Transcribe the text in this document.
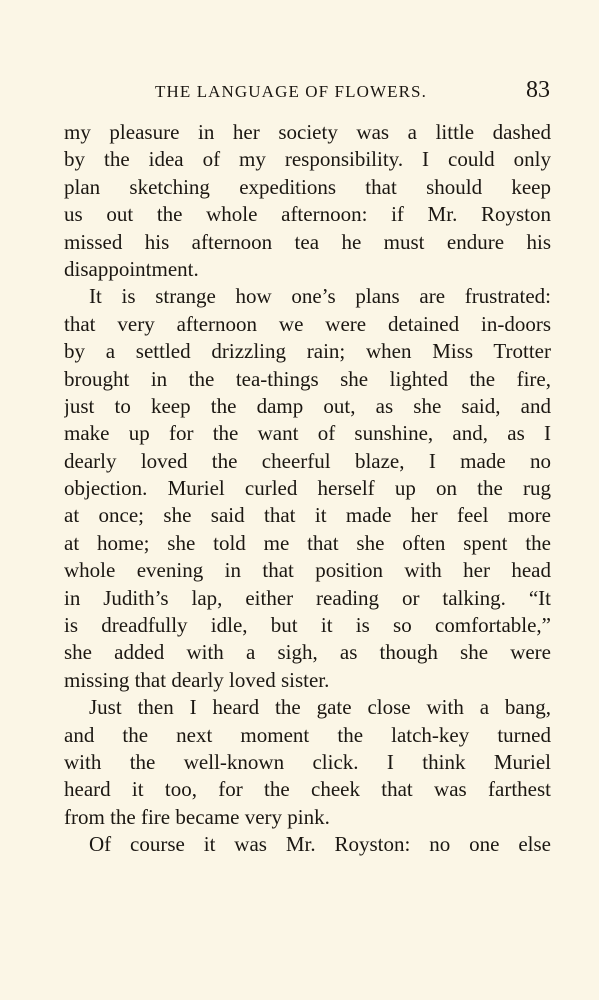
THE LANGUAGE OF FLOWERS.	83
my pleasure in her society was a little dashed
by the idea of my responsibility. I could only
plan sketching expeditions that should keep
us out the whole afternoon: if Mr. Royston
missed his afternoon tea he must endure his
disappointment.
It is strange how one’s plans are frustrated:
that very afternoon we were detained in-doors
by a settled drizzling rain; when Miss Trotter
brought in the tea-things she lighted the fire,
just to keep the damp out, as she said, and
make up for the want of sunshine, and, as I
dearly loved the cheerful blaze, I made no
objection. Muriel curled herself up on the rug
at once; she said that it made her feel more
at home; she told me that she often spent the
whole evening in that position with her head
in Judith’s lap, either reading or talking. “It
is dreadfully idle, but it is so comfortable,”
she added with a sigh, as though she were
missing that dearly loved sister.
Just then I heard the gate close with a bang,
and the next moment the latch-key turned
with the well-known click. I think Muriel
heard it too, for the cheek that was farthest
from the fire became very pink.
Of course it was Mr. Royston: no one else
